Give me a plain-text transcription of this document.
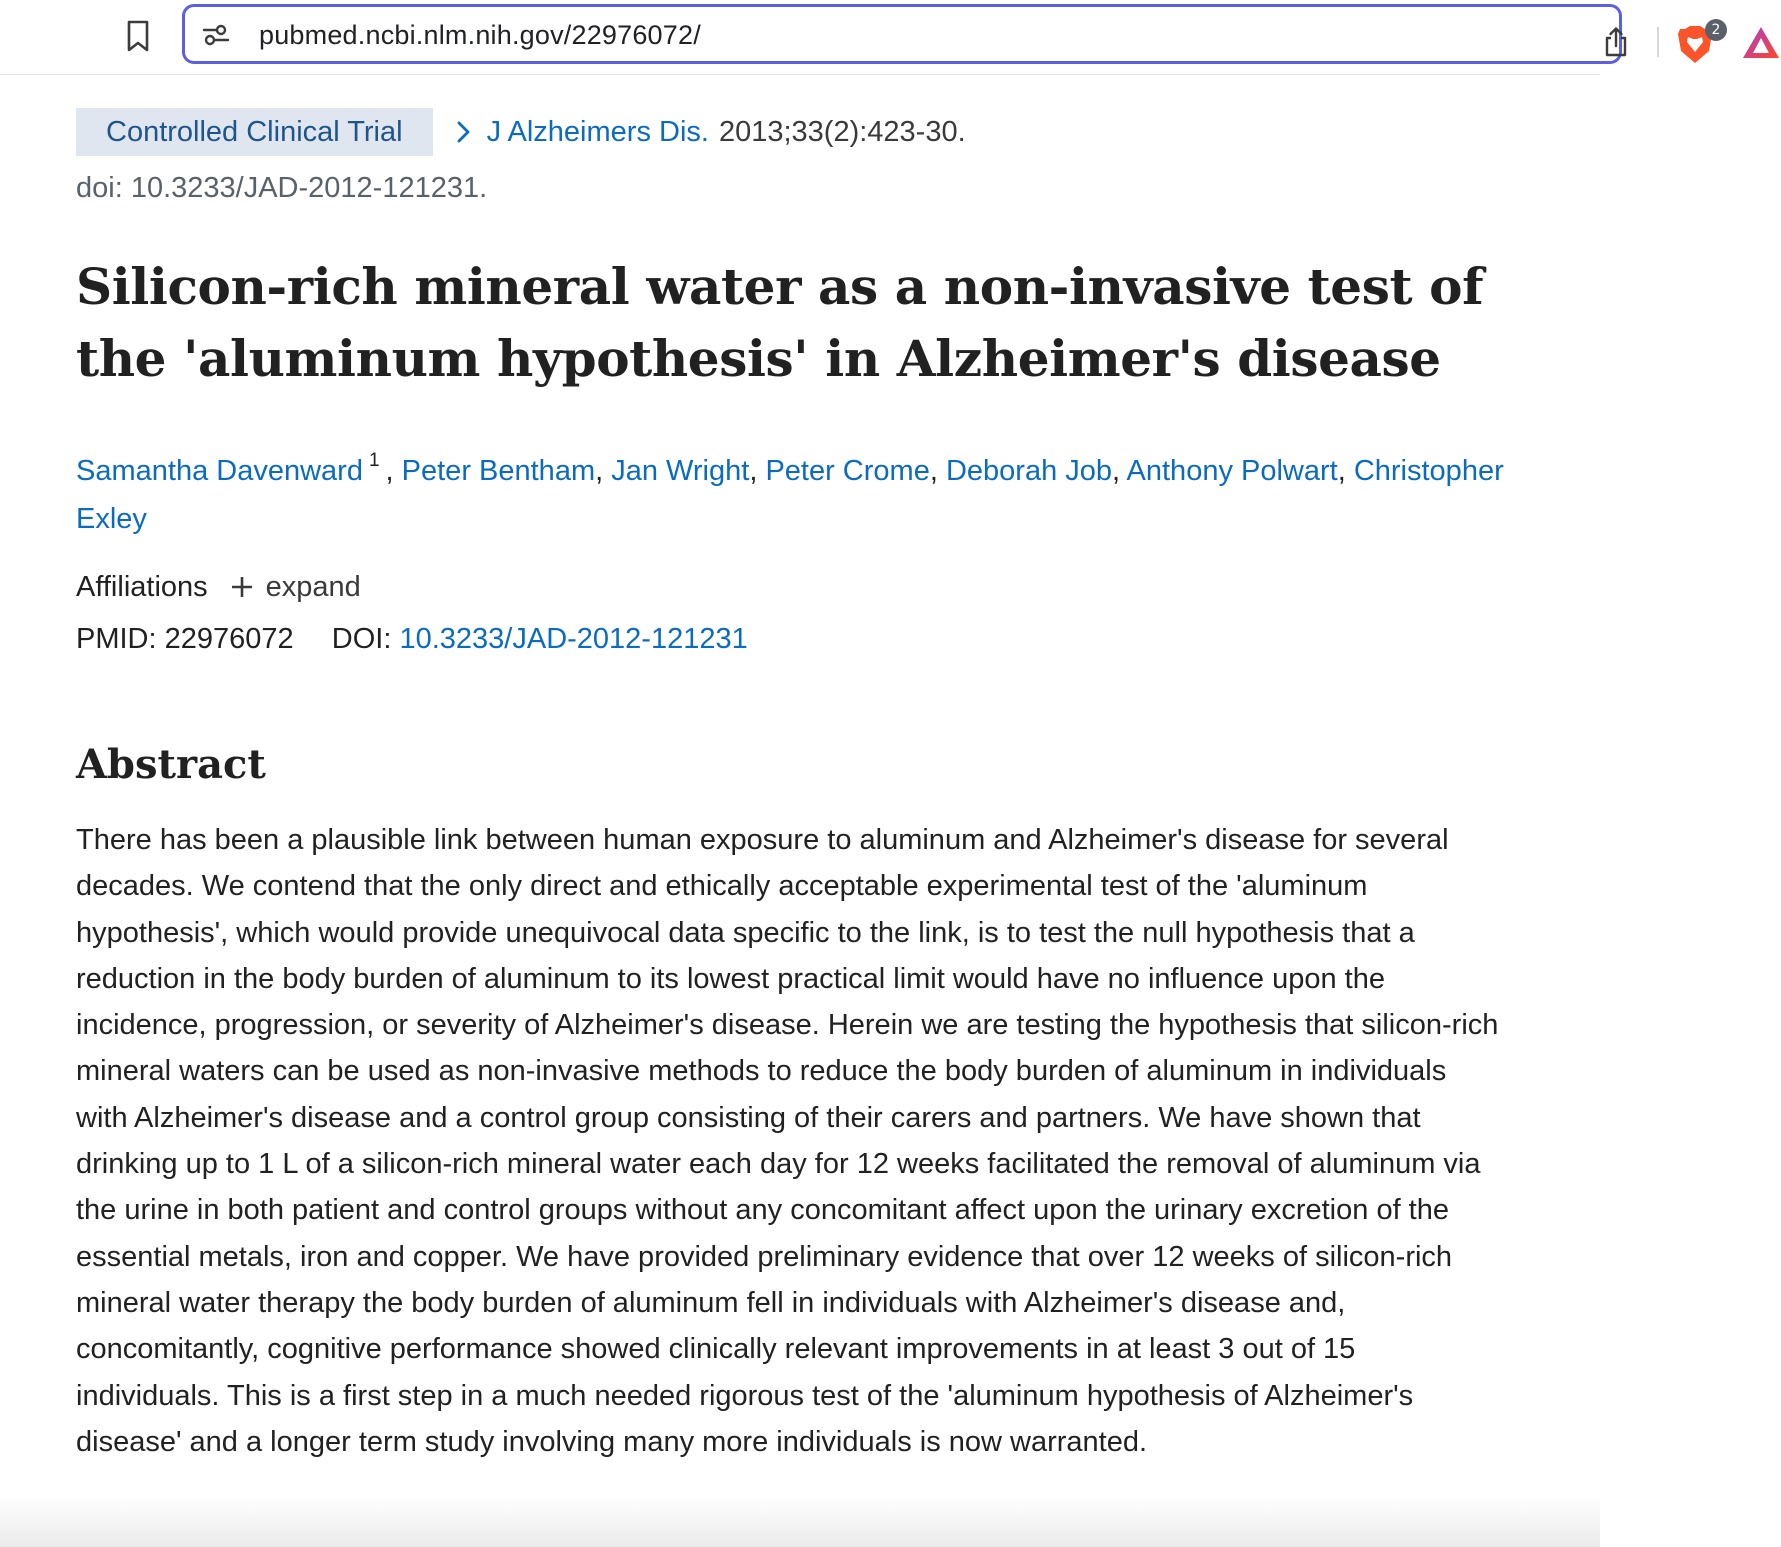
pubmed.ncbi.nlm.nih.gov/22976072/	2
Controlled Clinical Trial	J Alzheimers Dis. 2013;33(2):423-30.
doi: 10.3233/JAD-2012-121231.
Silicon-rich mineral water as a non-invasive test of the 'aluminum hypothesis' in Alzheimer's disease
Samantha Davenward $^1$ , Peter Bentham, Jan Wright, Peter Crome, Deborah Job, Anthony Polwart, Christopher Exley
Affiliations expand
PMID: 22976072 DOI: 10.3233/JAD-2012-121231
Abstract
There has been a plausible link between human exposure to aluminum and Alzheimer's disease for several decades. We contend that the only direct and ethically acceptable experimental test of the 'aluminum hypothesis', which would provide unequivocal data specific to the link, is to test the null hypothesis that a reduction in the body burden of aluminum to its lowest practical limit would have no influence upon the incidence, progression, or severity of Alzheimer's disease. Herein we are testing the hypothesis that silicon-rich mineral waters can be used as non-invasive methods to reduce the body burden of aluminum in individuals with Alzheimer's disease and a control group consisting of their carers and partners. We have shown that drinking up to 1 L of a silicon-rich mineral water each day for 12 weeks facilitated the removal of aluminum via the urine in both patient and control groups without any concomitant affect upon the urinary excretion of the essential metals, iron and copper. We have provided preliminary evidence that over 12 weeks of silicon-rich mineral water therapy the body burden of aluminum fell in individuals with Alzheimer's disease and, concomitantly, cognitive performance showed clinically relevant improvements in at least 3 out of 15 individuals. This is a first step in a much needed rigorous test of the 'aluminum hypothesis of Alzheimer's disease' and a longer term study involving many more individuals is now warranted.
